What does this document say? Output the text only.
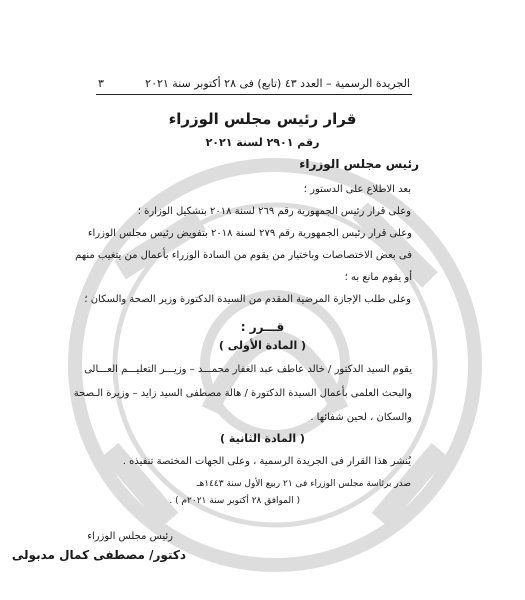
الجريدة الرسمية – العدد ٤٣ (تابع) فى ٢٨ أكتوبر سنة ٢٠٢١
٣
قرار رئيس مجلس الوزراء
رقم ٢٩٠١ لسنة ٢٠٢١
رئيس مجلس الوزراء
بعد الاطلاع على الدستور ؛
وعلى قرار رئيس الجمهورية رقم ٢٦٩ لسنة ٢٠١٨ بتشكيل الوزارة ؛
وعلى قرار رئيس الجمهورية رقم ٢٧٩ لسنة ٢٠١٨ بتفويض رئيس مجلس الوزراء
فى بعض الاختصاصات وباختيار من يقوم من السادة الوزراء بأعمال من يتغيب منهم
أو يقوم مانع به ؛
وعلى طلب الإجازة المرضية المقدم من السيدة الدكتورة وزير الصحة والسكان ؛
قـــرر :
( المادة الأولى )
يقوم السيد الدكتور / خالد عاطف عبد الغفار محمـــد – وزيـــر التعليـــم العـــالى
والبحث العلمى بأعمال السيدة الدكتورة / هالة مصطفى السيد زايد – وزيرة الـصحة
والسكان ، لحين شفائها .
( المادة الثانية )
يُنشر هذا القرار فى الجريدة الرسمية ، وعلى الجهات المختصة تنفيذه .
صدر برئاسة مجلس الوزراء فى ٢١ ربيع الأول سنة ١٤٤٣هـ
( الموافق ٢٨ أكتوبر سنة ٢٠٢١م ) .
رئيس مجلس الوزراء
دكتور/ مصطفى كمال مدبولى
